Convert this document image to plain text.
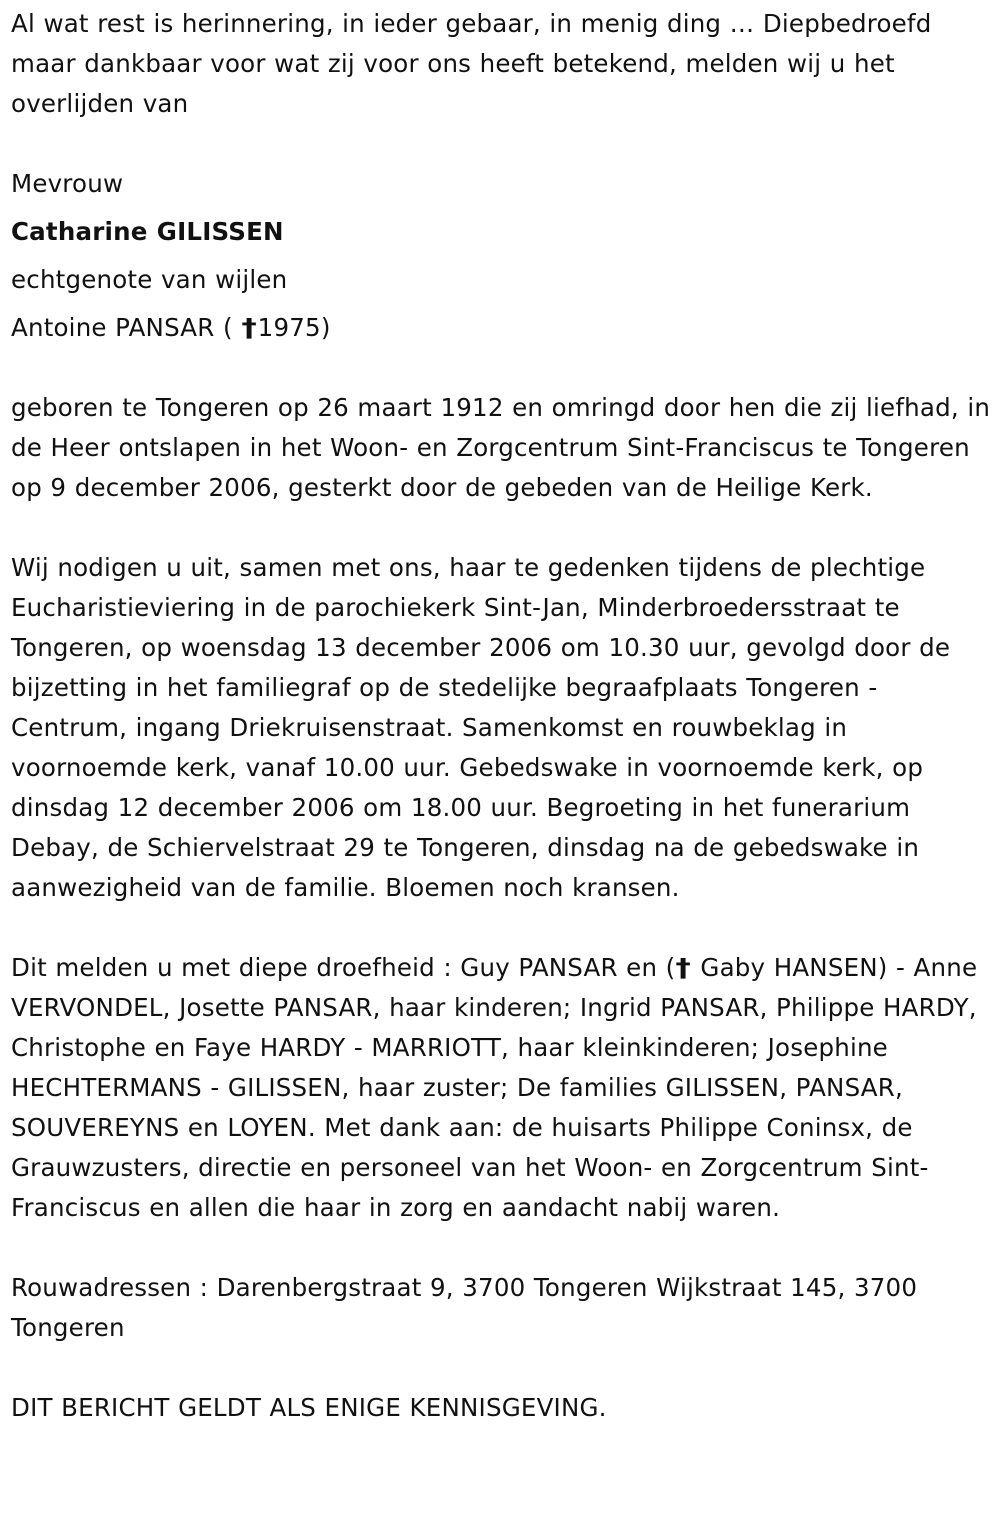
Al wat rest is herinnering, in ieder gebaar, in menig ding … Diepbedroefd maar dankbaar voor wat zij voor ons heeft betekend, melden wij u het overlijden van

Mevrouw
Catharine GILISSEN
echtgenote van wijlen
Antoine PANSAR ( †1975)

geboren te Tongeren op 26 maart 1912 en omringd door hen die zij liefhad, in de Heer ontslapen in het Woon- en Zorgcentrum Sint-Franciscus te Tongeren op 9 december 2006, gesterkt door de gebeden van de Heilige Kerk.

Wij nodigen u uit, samen met ons, haar te gedenken tijdens de plechtige Eucharistieviering in de parochiekerk Sint-Jan, Minderbroedersstraat te Tongeren, op woensdag 13 december 2006 om 10.30 uur, gevolgd door de bijzetting in het familiegraf op de stedelijke begraafplaats Tongeren - Centrum, ingang Driekruisenstraat. Samenkomst en rouwbeklag in voornoemde kerk, vanaf 10.00 uur. Gebedswake in voornoemde kerk, op dinsdag 12 december 2006 om 18.00 uur. Begroeting in het funerarium Debay, de Schiervelstraat 29 te Tongeren, dinsdag na de gebedswake in aanwezigheid van de familie. Bloemen noch kransen.

Dit melden u met diepe droefheid : Guy PANSAR en († Gaby HANSEN) - Anne VERVONDEL, Josette PANSAR, haar kinderen; Ingrid PANSAR, Philippe HARDY, Christophe en Faye HARDY - MARRIOTT, haar kleinkinderen; Josephine HECHTERMANS - GILISSEN, haar zuster; De families GILISSEN, PANSAR, SOUVEREYNS en LOYEN. Met dank aan: de huisarts Philippe Coninsx, de Grauwzusters, directie en personeel van het Woon- en Zorgcentrum Sint-Franciscus en allen die haar in zorg en aandacht nabij waren.

Rouwadressen : Darenbergstraat 9, 3700 Tongeren Wijkstraat 145, 3700 Tongeren

DIT BERICHT GELDT ALS ENIGE KENNISGEVING.
